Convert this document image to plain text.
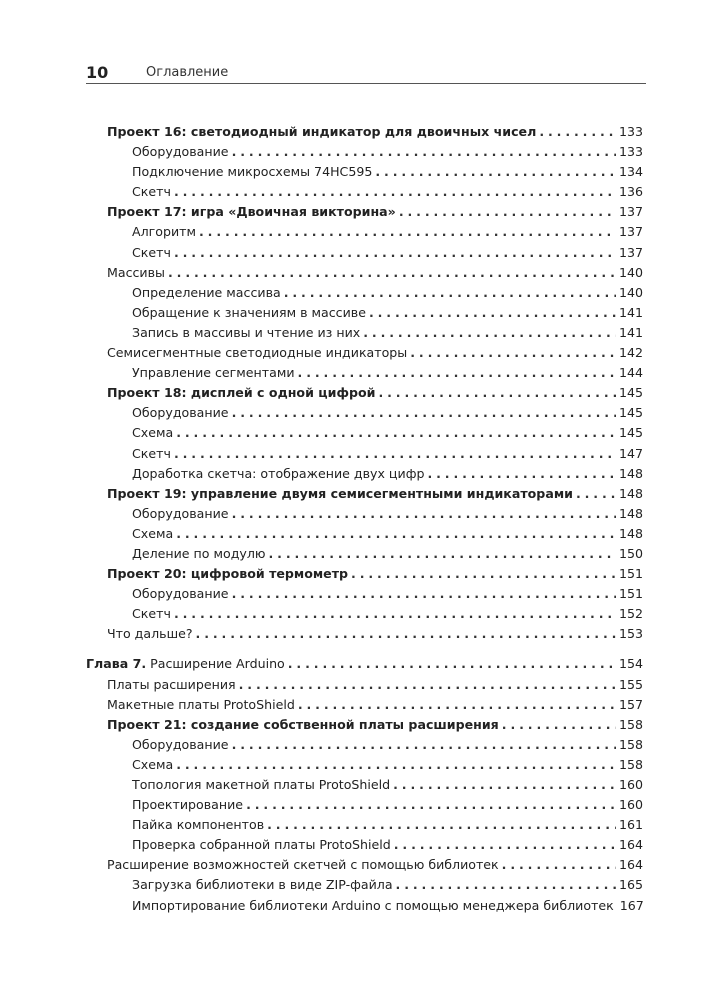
10	Оглавление
Проект 16: светодиодный индикатор для двоичных чисел . . .	133
Оборудование . . .	133
Подключение микросхемы 74HC595 . . .	134
Скетч . . .	136
Проект 17: игра «Двоичная викторина» . . .	137
Алгоритм . . .	137
Скетч . . .	137
Массивы . . .	140
Определение массива . . .	140
Обращение к значениям в массиве . . .	141
Запись в массивы и чтение из них . . .	141
Семисегментные светодиодные индикаторы . . .	142
Управление сегментами . . .	144
Проект 18: дисплей с одной цифрой . . .	145
Оборудование . . .	145
Схема . . .	145
Скетч . . .	147
Доработка скетча: отображение двух цифр . . .	148
Проект 19: управление двумя семисегментными индикаторами . . .	148
Оборудование . . .	148
Схема . . .	148
Деление по модулю . . .	150
Проект 20: цифровой термометр . . .	151
Оборудование . . .	151
Скетч . . .	152
Что дальше? . . .	153
Глава 7. Расширение Arduino . . .	154
Платы расширения . . .	155
Макетные платы ProtoShield . . .	157
Проект 21: создание собственной платы расширения . . .	158
Оборудование . . .	158
Схема . . .	158
Топология макетной платы ProtoShield . . .	160
Проектирование . . .	160
Пайка компонентов . . .	161
Проверка собранной платы ProtoShield . . .	164
Расширение возможностей скетчей с помощью библиотек . . .	164
Загрузка библиотеки в виде ZIP-файла . . .	165
Импортирование библиотеки Arduino с помощью менеджера библиотек 167
